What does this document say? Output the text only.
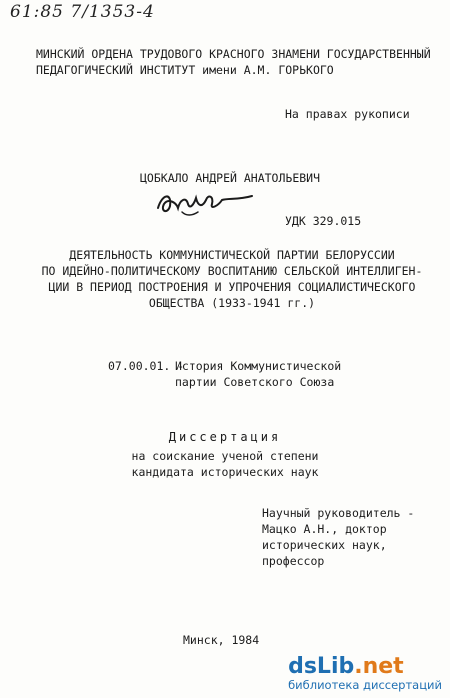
61:85 7/1353-4
МИНСКИЙ ОРДЕНА ТРУДОВОГО КРАСНОГО ЗНАМЕНИ ГОСУДАРСТВЕННЫЙ
ПЕДАГОГИЧЕСКИЙ ИНСТИТУТ имени А.М. ГОРЬКОГО
На правах рукописи
ЦОБКАЛО АНДРЕЙ АНАТОЛЬЕВИЧ
УДК 329.015
ДЕЯТЕЛЬНОСТЬ КОММУНИСТИЧЕСКОЙ ПАРТИИ БЕЛОРУССИИ
ПО ИДЕЙНО-ПОЛИТИЧЕСКОМУ ВОСПИТАНИЮ СЕЛЬСКОЙ ИНТЕЛЛИГЕН-
ЦИИ В ПЕРИОД ПОСТРОЕНИЯ И УПРОЧЕНИЯ СОЦИАЛИСТИЧЕСКОГО
ОБЩЕСТВА (1933-1941 гг.)
07.00.01. -
История Коммунистической
партии Советского Союза
Диссертация
на соискание ученой степени
кандидата исторических наук
Научный руководитель -
Мацко А.Н., доктор
исторических наук,
профессор
Минск, 1984
dsLib.net
библиотека диссертаций
